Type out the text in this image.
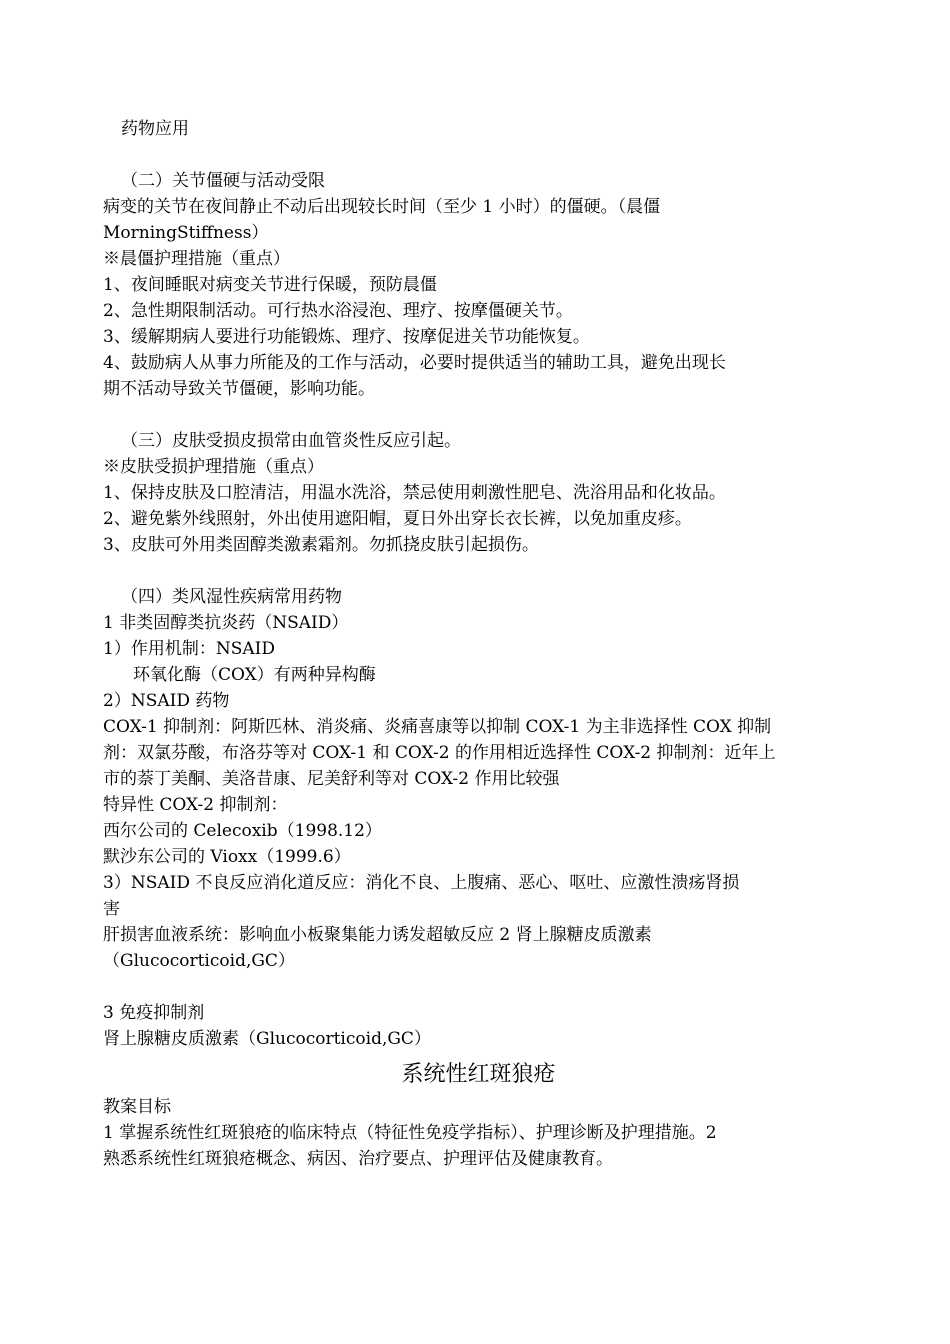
药物应用
（二）关节僵硬与活动受限
病变的关节在夜间静止不动后出现较长时间（至少 1 小时）的僵硬。（晨僵
MorningStiffness）
※晨僵护理措施（重点）
1、夜间睡眠对病变关节进行保暖，预防晨僵
2、急性期限制活动。可行热水浴浸泡、理疗、按摩僵硬关节。
3、缓解期病人要进行功能锻炼、理疗、按摩促进关节功能恢复。
4、鼓励病人从事力所能及的工作与活动，必要时提供适当的辅助工具，避免出现长
期不活动导致关节僵硬，影响功能。
（三）皮肤受损皮损常由血管炎性反应引起。
※皮肤受损护理措施（重点）
1、保持皮肤及口腔清洁，用温水洗浴，禁忌使用刺激性肥皂、洗浴用品和化妆品。
2、避免紫外线照射，外出使用遮阳帽，夏日外出穿长衣长裤，以免加重皮疹。
3、皮肤可外用类固醇类激素霜剂。勿抓挠皮肤引起损伤。
（四）类风湿性疾病常用药物
1 非类固醇类抗炎药（NSAID）
1）作用机制：NSAID
环氧化酶（COX）有两种异构酶
2）NSAID 药物
COX-1 抑制剂：阿斯匹林、消炎痛、炎痛喜康等以抑制 COX-1 为主非选择性 COX 抑制
剂：双氯芬酸，布洛芬等对 COX-1 和 COX-2 的作用相近选择性 COX-2 抑制剂：近年上
市的萘丁美酮、美洛昔康、尼美舒利等对 COX-2 作用比较强
特异性 COX-2 抑制剂：
西尔公司的 Celecoxib（1998.12）
默沙东公司的 Vioxx（1999.6）
3）NSAID 不良反应消化道反应：消化不良、上腹痛、恶心、呕吐、应激性溃疡肾损
害
肝损害血液系统：影响血小板聚集能力诱发超敏反应 2 肾上腺糖皮质激素
（Glucocorticoid,GC）
3 免疫抑制剂
肾上腺糖皮质激素（Glucocorticoid,GC）
系统性红斑狼疮
教案目标
1 掌握系统性红斑狼疮的临床特点（特征性免疫学指标）、护理诊断及护理措施。2
熟悉系统性红斑狼疮概念、病因、治疗要点、护理评估及健康教育。
